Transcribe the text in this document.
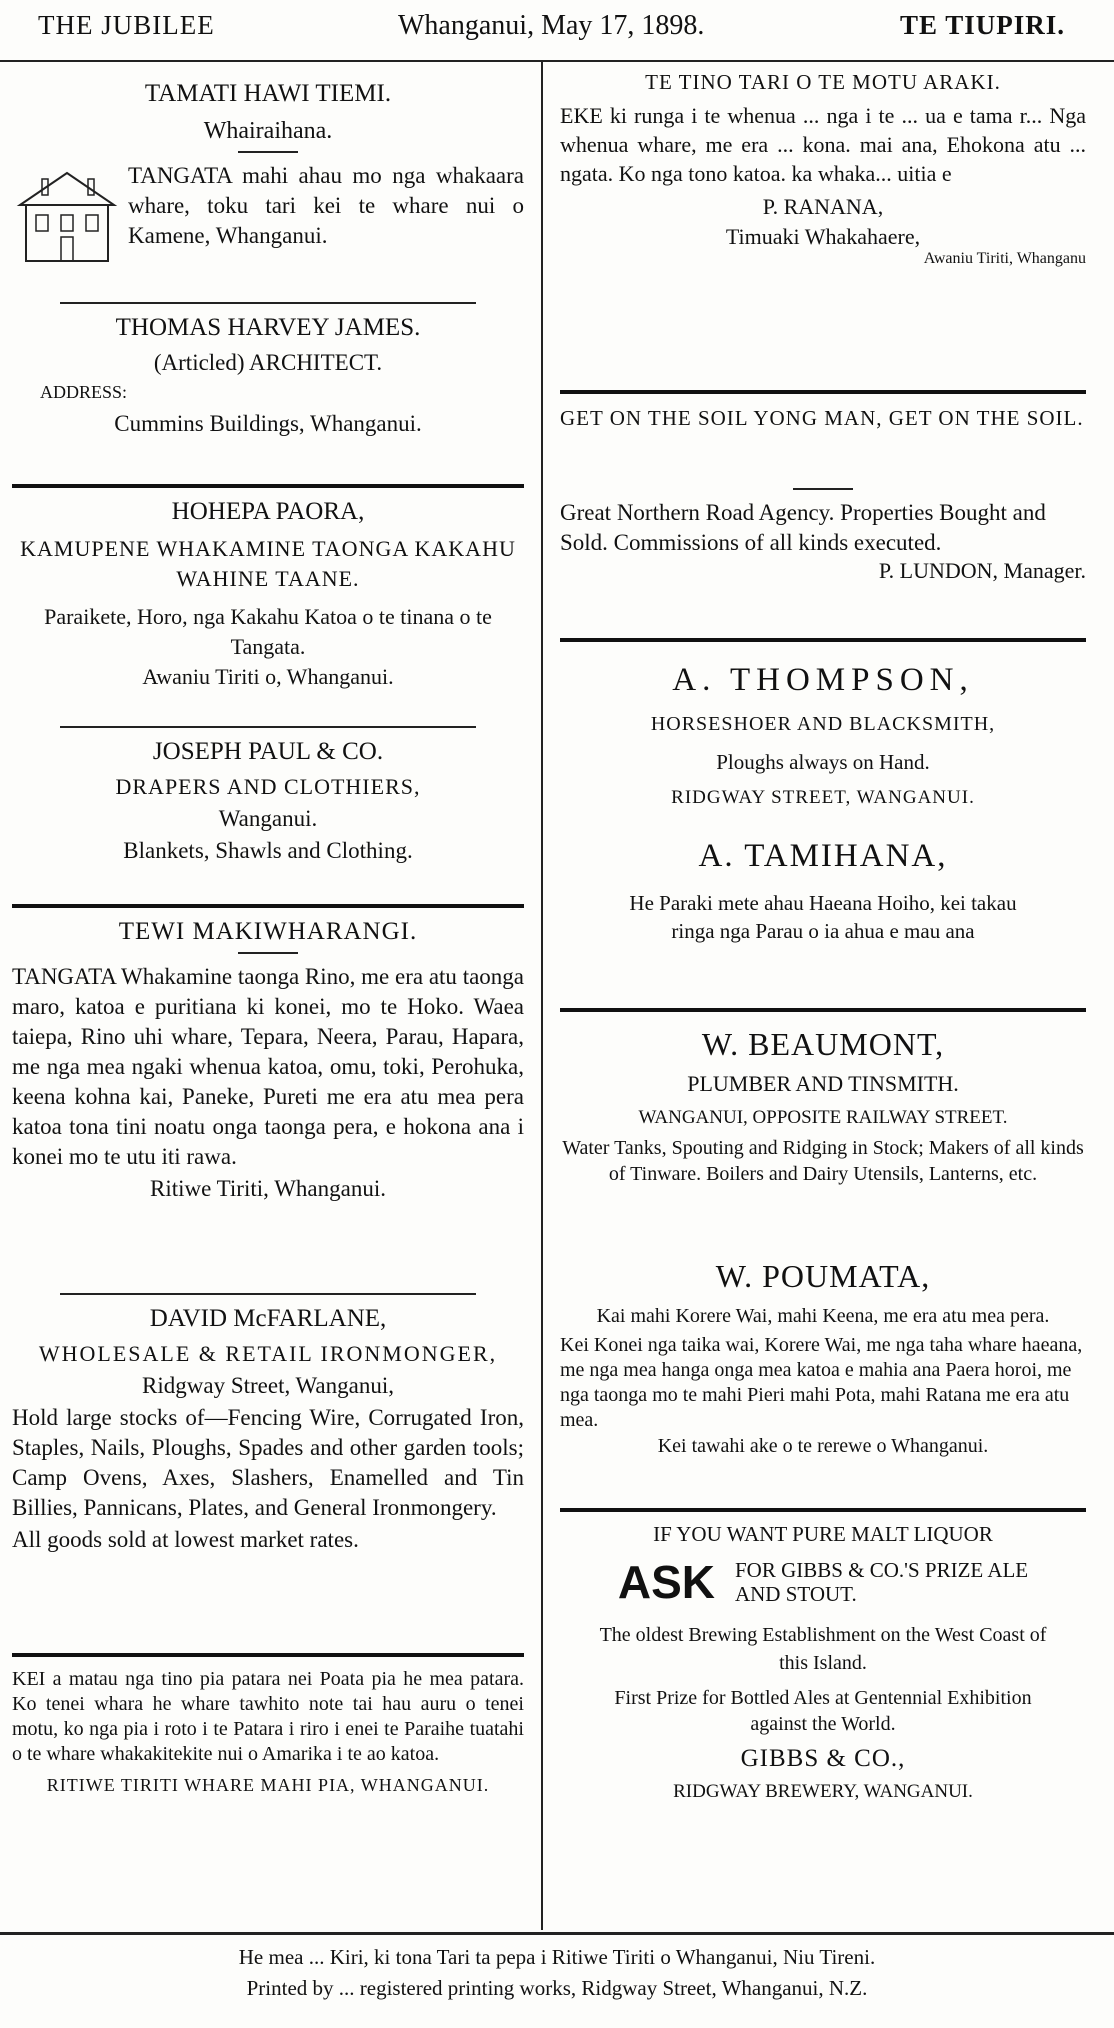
THE JUBILEE	Whanganui, May 17, 1898.	TE TIUPIRI.
TAMATI HAWI TIEMI.
Whairaihana.
TANGATA mahi ahau mo nga whakaara whare, toku tari kei te whare nui o Kamene, Whanganui.
THOMAS HARVEY JAMES.
(Articled) ARCHITECT.
ADDRESS:
Cummins Buildings, Whanganui.
HOHEPA PAORA,
KAMUPENE WHAKAMINE TAONGA KAKAHU WAHINE TAANE.
Paraikete, Horo, nga Kakahu Katoa o te tinana o te Tangata.
Awaniu Tiriti o, Whanganui.
JOSEPH PAUL & CO.
DRAPERS AND CLOTHIERS,
Wanganui.
Blankets, Shawls and Clothing.
TEWI MAKIWHARANGI.
TANGATA Whakamine taonga Rino, me era atu taonga maro, katoa e puritiana ki konei, mo te Hoko. Waea taiepa, Rino uhi whare, Tepara, Neera, Parau, Hapara, me nga mea ngaki whenua katoa, omu, toki, Perohuka, keena kohna kai, Paneke, Pureti me era atu mea pera katoa tona tini noatu onga taonga pera, e hokona ana i konei mo te utu iti rawa.
Ritiwe Tiriti, Whanganui.
DAVID McFARLANE,
WHOLESALE & RETAIL IRONMONGER,
Ridgway Street, Wanganui,
Hold large stocks of—Fencing Wire, Corrugated Iron, Staples, Nails, Ploughs, Spades and other garden tools; Camp Ovens, Axes, Slashers, Enamelled and Tin Billies, Pannicans, Plates, and General Ironmongery.
All goods sold at lowest market rates.
KEI a matau nga tino pia patara nei Poata pia he mea patara. Ko tenei whara he whare tawhito note tai hau auru o tenei motu, ko nga pia i roto i te Patara i riro i enei te Paraihe tuatahi o te whare whakakitekite nui o Amarika i te ao katoa.
RITIWE TIRITI WHARE MAHI PIA, WHANGANUI.
TE TINO TARI O TE MOTU ARAKI.
EKE ki runga i te whenua ... nga i te ... ua e tama r... Nga whenua whare, me era ... kona. mai ana, Ehokona atu ... ngata. Ko nga tono katoa. ka whaka... uitia e
P. RANANA,
Timuaki Whakahaere,
Awaniu Tiriti, Whanganu
GET ON THE SOIL YONG MAN, GET ON THE SOIL.
Great Northern Road Agency. Properties Bought and Sold. Commissions of all kinds executed.
P. LUNDON, Manager.
A. THOMPSON,
HORSESHOER AND BLACKSMITH,
Ploughs always on Hand.
RIDGWAY STREET, WANGANUI.
A. TAMIHANA,
He Paraki mete ahau Haeana Hoiho, kei takau ringa nga Parau o ia ahua e mau ana
W. BEAUMONT,
PLUMBER AND TINSMITH.
WANGANUI, OPPOSITE RAILWAY STREET.
Water Tanks, Spouting and Ridging in Stock; Makers of all kinds of Tinware. Boilers and Dairy Utensils, Lanterns, etc.
W. POUMATA,
Kai mahi Korere Wai, mahi Keena, me era atu mea pera.
Kei Konei nga taika wai, Korere Wai, me nga taha whare haeana, me nga mea hanga onga mea katoa e mahia ana Paera horoi, me nga taonga mo te mahi Pieri mahi Pota, mahi Ratana me era atu mea.
Kei tawahi ake o te rerewe o Whanganui.
IF YOU WANT PURE MALT LIQUOR
ASK FOR GIBBS & CO.'S PRIZE ALE
AND STOUT.
The oldest Brewing Establishment on the West Coast of this Island.
First Prize for Bottled Ales at Gentennial Exhibition against the World.
GIBBS & CO.,
RIDGWAY BREWERY, WANGANUI.
He mea ... Kiri, ki tona Tari ta pepa i Ritiwe Tiriti o Whanganui, Niu Tireni.
Printed by ... registered printing works, Ridgway Street, Whanganui, N.Z.
